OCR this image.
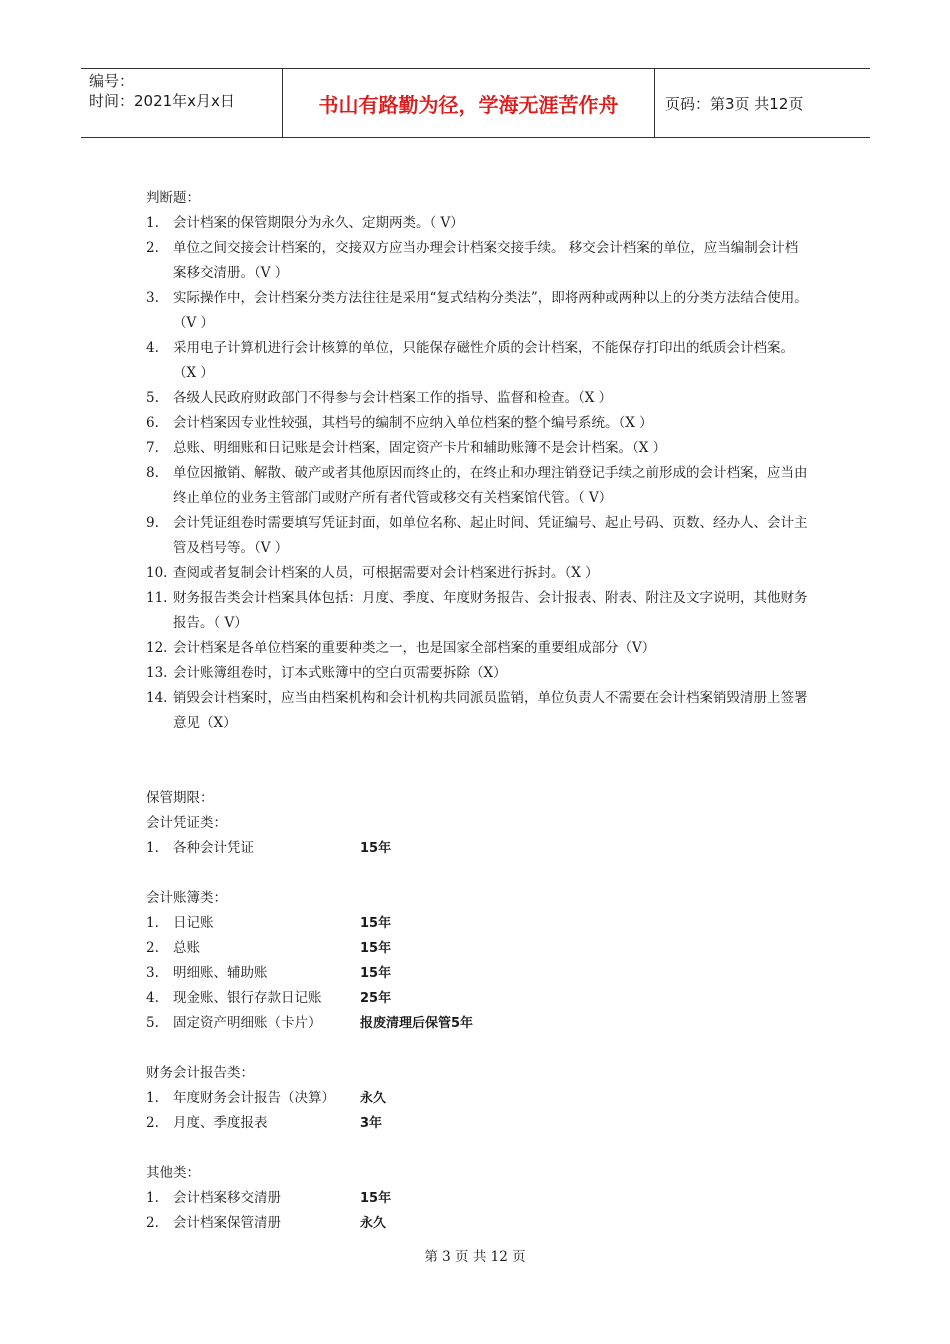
编号：
时间：2021年x月x日	书山有路勤为径，学海无涯苦作舟	页码：第3页 共12页
判断题：
1.	会计档案的保管期限分为永久、定期两类。（ V）
2.	单位之间交接会计档案的，交接双方应当办理会计档案交接手续。 移交会计档案的单位，应当编制会计档案移交清册。（V ）
3.	实际操作中，会计档案分类方法往往是采用“复式结构分类法”，即将两种或两种以上的分类方法结合使用。（V ）
4.	采用电子计算机进行会计核算的单位，只能保存磁性介质的会计档案，不能保存打印出的纸质会计档案。（X ）
5.	各级人民政府财政部门不得参与会计档案工作的指导、监督和检查。（X ）
6.	会计档案因专业性较强，其档号的编制不应纳入单位档案的整个编号系统。（X ）
7.	总账、明细账和日记账是会计档案，固定资产卡片和辅助账簿不是会计档案。（X ）
8.	单位因撤销、解散、破产或者其他原因而终止的，在终止和办理注销登记手续之前形成的会计档案，应当由终止单位的业务主管部门或财产所有者代管或移交有关档案馆代管。（ V）
9.	会计凭证组卷时需要填写凭证封面，如单位名称、起止时间、凭证编号、起止号码、页数、经办人、会计主管及档号等。（V ）
10. 查阅或者复制会计档案的人员，可根据需要对会计档案进行拆封。（X ）
11. 财务报告类会计档案具体包括：月度、季度、年度财务报告、会计报表、附表、附注及文字说明，其他财务报告。（ V）
12. 会计档案是各单位档案的重要种类之一，也是国家全部档案的重要组成部分（V）
13. 会计账簿组卷时，订本式账簿中的空白页需要拆除（X）
14. 销毁会计档案时，应当由档案机构和会计机构共同派员监销，单位负责人不需要在会计档案销毁清册上签署意见（X）
保管期限：
会计凭证类：
1.	各种会计凭证	15年
会计账簿类：
1.	日记账	15年
2.	总账	15年
3.	明细账、辅助账	15年
4.	现金账、银行存款日记账	25年
5.	固定资产明细账（卡片）	报废清理后保管5年
财务会计报告类：
1.	年度财务会计报告（决算）	永久
2.	月度、季度报表	3年
其他类：
1.	会计档案移交清册	15年
2.	会计档案保管清册	永久
第 3 页 共 12 页
